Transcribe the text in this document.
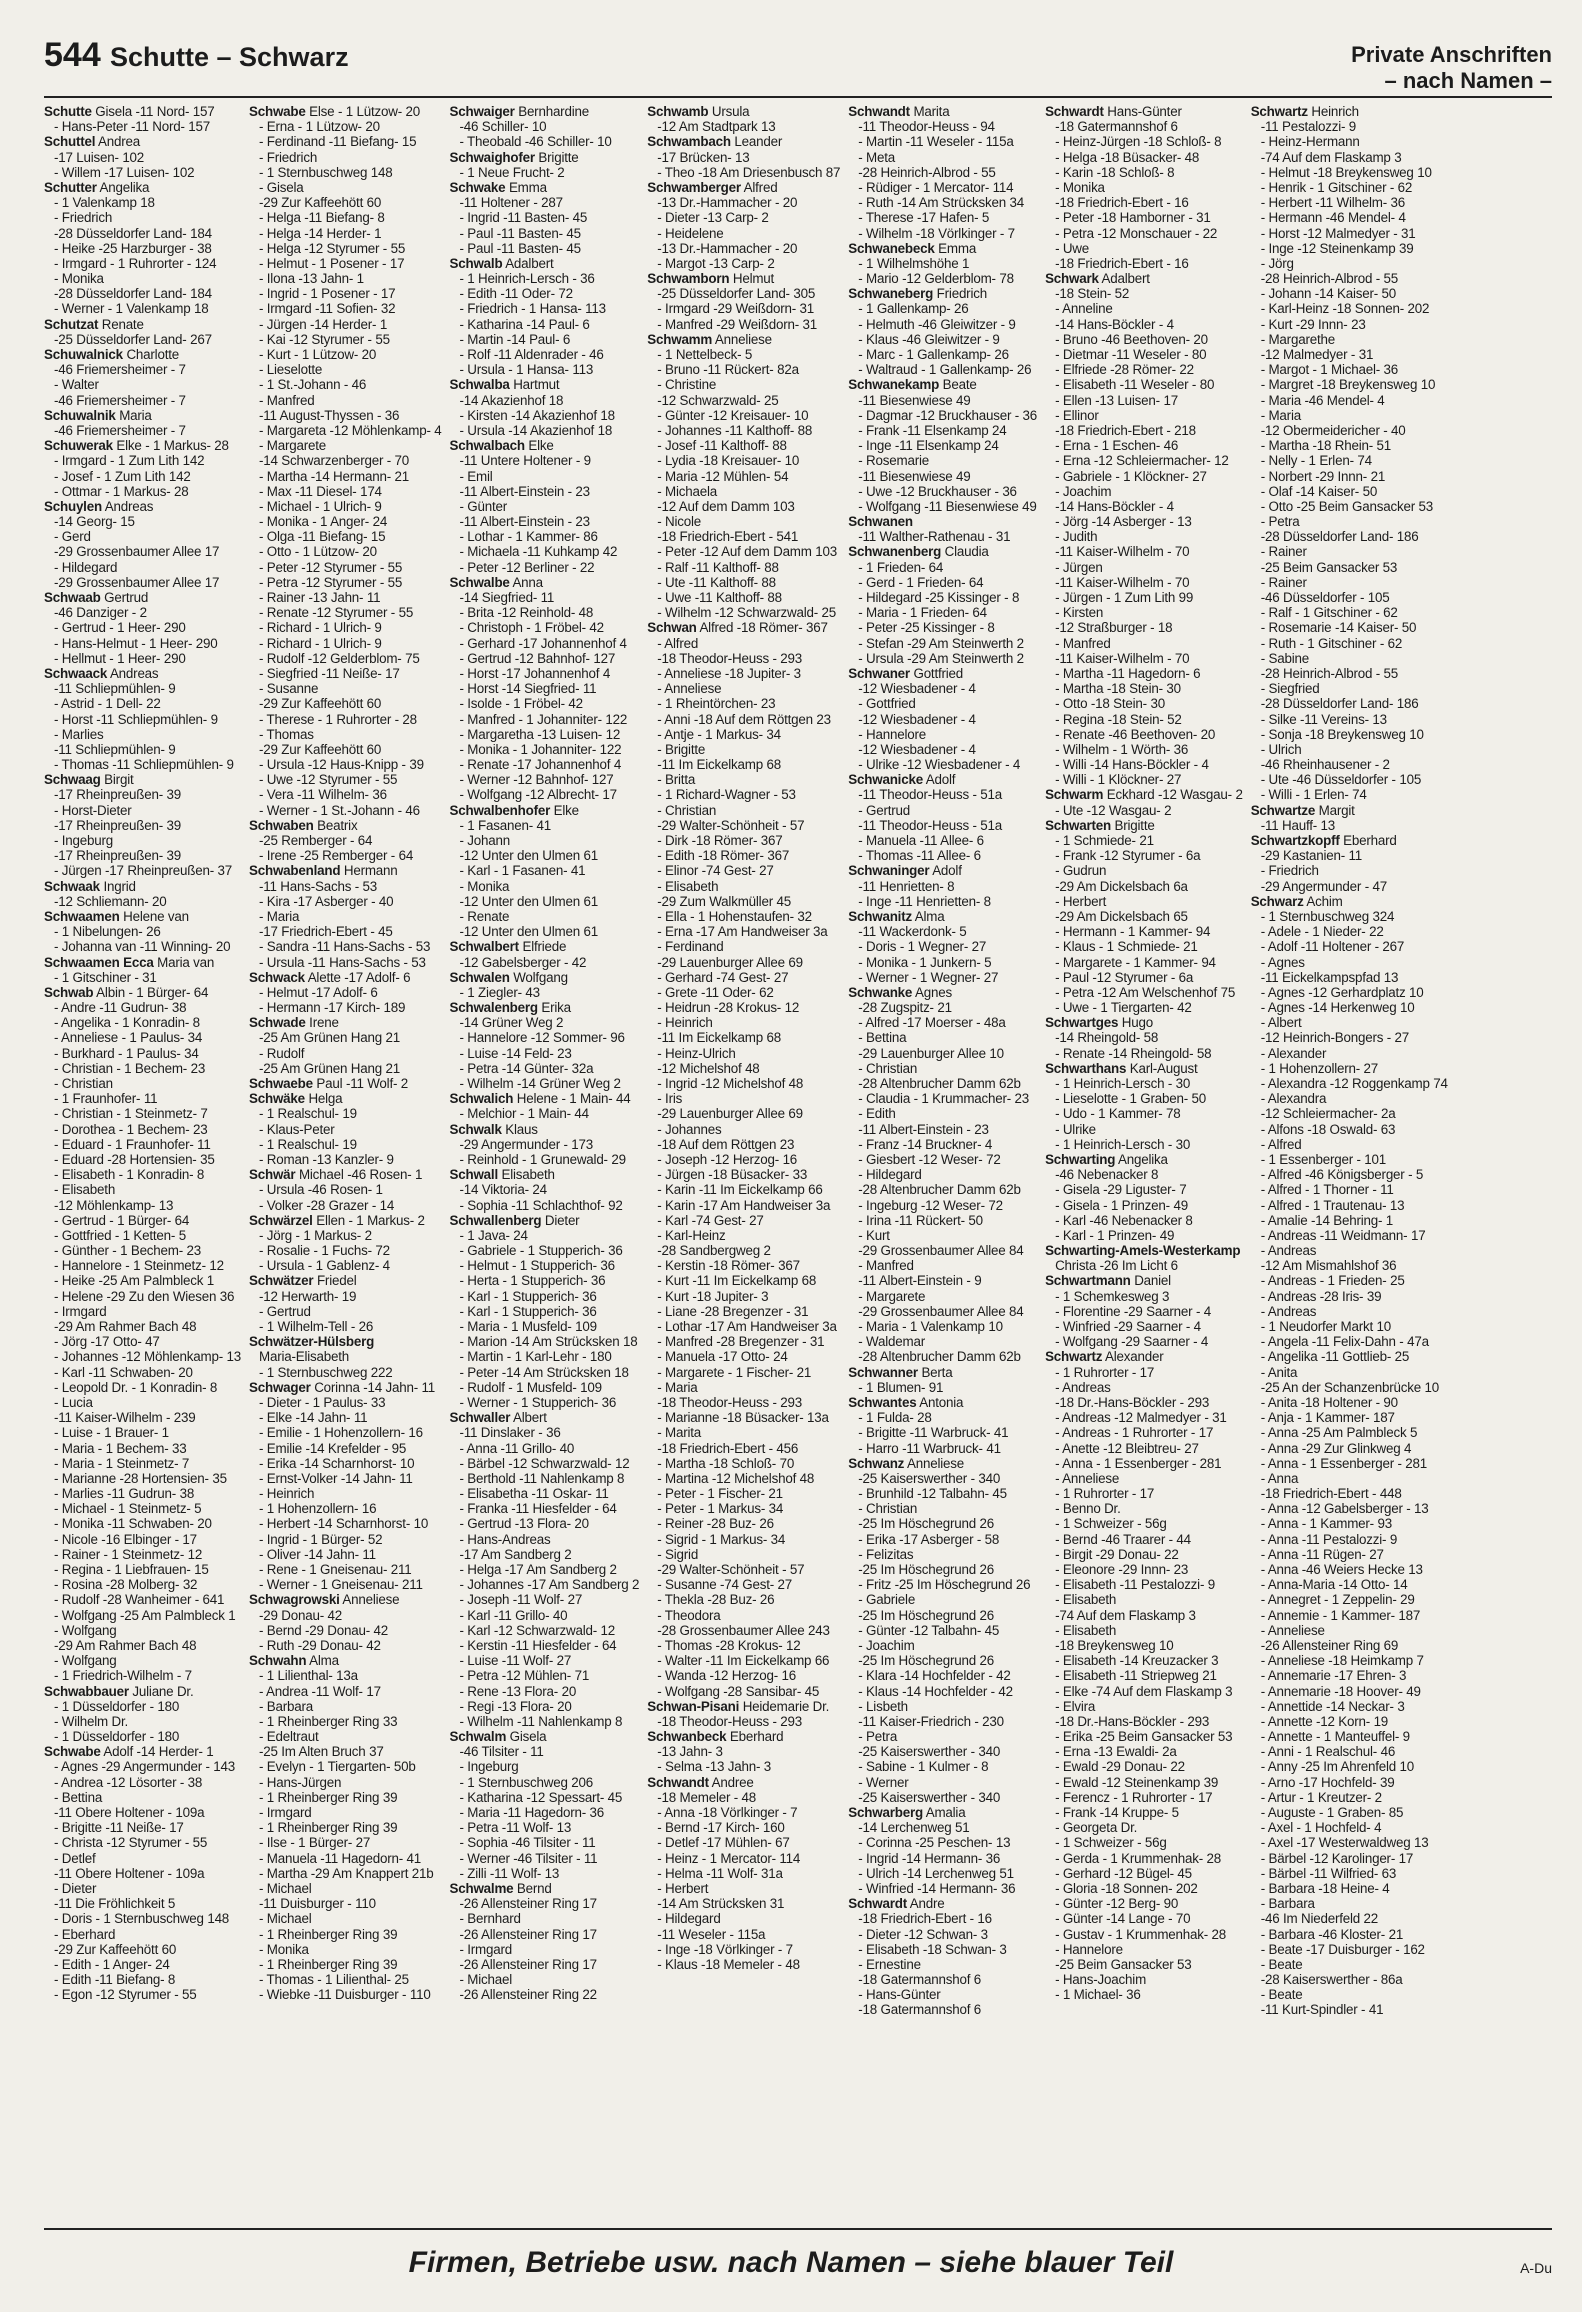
544 Schutte – Schwarz	Private Anschriften
– nach Namen –
Schutte Gisela -11 Nord- 157
- Hans-Peter -11 Nord- 157
Schuttel Andrea
-17 Luisen- 102
- Willem -17 Luisen- 102
Schutter Angelika
- 1 Valenkamp 18
- Friedrich
-28 Düsseldorfer Land- 184
- Heike -25 Harzburger - 38
- Irmgard - 1 Ruhrorter - 124
- Monika
-28 Düsseldorfer Land- 184
- Werner - 1 Valenkamp 18
Schutzat Renate
-25 Düsseldorfer Land- 267
Schuwalnick Charlotte
-46 Friemersheimer - 7
- Walter
-46 Friemersheimer - 7
Schuwalnik Maria
-46 Friemersheimer - 7
Schuwerak Elke - 1 Markus- 28
- Irmgard - 1 Zum Lith 142
- Josef - 1 Zum Lith 142
- Ottmar - 1 Markus- 28
Schuylen Andreas
-14 Georg- 15
- Gerd
-29 Grossenbaumer Allee 17
- Hildegard
-29 Grossenbaumer Allee 17
Schwaab Gertrud
-46 Danziger - 2
- Gertrud - 1 Heer- 290
- Hans-Helmut - 1 Heer- 290
- Hellmut - 1 Heer- 290
Schwaack Andreas
-11 Schliepmühlen- 9
- Astrid - 1 Dell- 22
- Horst -11 Schliepmühlen- 9
- Marlies
-11 Schliepmühlen- 9
- Thomas -11 Schliepmühlen- 9
Schwaag Birgit
-17 Rheinpreußen- 39
- Horst-Dieter
-17 Rheinpreußen- 39
- Ingeburg
-17 Rheinpreußen- 39
- Jürgen -17 Rheinpreußen- 37
Schwaak Ingrid
-12 Schliemann- 20
Schwaamen Helene van
- 1 Nibelungen- 26
- Johanna van -11 Winning- 20
Schwaamen Ecca Maria van
- 1 Gitschiner - 31
Schwab Albin - 1 Bürger- 64
- Andre -11 Gudrun- 38
- Angelika - 1 Konradin- 8
- Anneliese - 1 Paulus- 34
- Burkhard - 1 Paulus- 34
- Christian - 1 Bechem- 23
- Christian
- 1 Fraunhofer- 11
- Christian - 1 Steinmetz- 7
- Dorothea - 1 Bechem- 23
- Eduard - 1 Fraunhofer- 11
- Eduard -28 Hortensien- 35
- Elisabeth - 1 Konradin- 8
- Elisabeth
-12 Möhlenkamp- 13
- Gertrud - 1 Bürger- 64
- Gottfried - 1 Ketten- 5
- Günther - 1 Bechem- 23
- Hannelore - 1 Steinmetz- 12
- Heike -25 Am Palmbleck 1
- Helene -29 Zu den Wiesen 36
- Irmgard
-29 Am Rahmer Bach 48
- Jörg -17 Otto- 47
- Johannes -12 Möhlenkamp- 13
- Karl -11 Schwaben- 20
- Leopold Dr. - 1 Konradin- 8
- Lucia
-11 Kaiser-Wilhelm - 239
- Luise - 1 Brauer- 1
- Maria - 1 Bechem- 33
- Maria - 1 Steinmetz- 7
- Marianne -28 Hortensien- 35
- Marlies -11 Gudrun- 38
- Michael - 1 Steinmetz- 5
- Monika -11 Schwaben- 20
- Nicole -16 Elbinger - 17
- Rainer - 1 Steinmetz- 12
- Regina - 1 Liebfrauen- 15
- Rosina -28 Molberg- 32
- Rudolf -28 Wanheimer - 641
- Wolfgang -25 Am Palmbleck 1
- Wolfgang
-29 Am Rahmer Bach 48
- Wolfgang
- 1 Friedrich-Wilhelm - 7
Schwabbauer Juliane Dr.
- 1 Düsseldorfer - 180
- Wilhelm Dr.
- 1 Düsseldorfer - 180
Schwabe Adolf -14 Herder- 1
- Agnes -29 Angermunder - 143
- Andrea -12 Lösorter - 38
- Bettina
-11 Obere Holtener - 109a
- Brigitte -11 Neiße- 17
- Christa -12 Styrumer - 55
- Detlef
-11 Obere Holtener - 109a
- Dieter
-11 Die Fröhlichkeit 5
- Doris - 1 Sternbuschweg 148
- Eberhard
-29 Zur Kaffeehött 60
- Edith - 1 Anger- 24
- Edith -11 Biefang- 8
- Egon -12 Styrumer - 55
Schwabe Else - 1 Lützow- 20
- Erna - 1 Lützow- 20
- Ferdinand -11 Biefang- 15
- Friedrich
- 1 Sternbuschweg 148
- Gisela
-29 Zur Kaffeehött 60
- Helga -11 Biefang- 8
- Helga -14 Herder- 1
- Helga -12 Styrumer - 55
- Helmut - 1 Posener - 17
- Ilona -13 Jahn- 1
- Ingrid - 1 Posener - 17
- Irmgard -11 Sofien- 32
- Jürgen -14 Herder- 1
- Kai -12 Styrumer - 55
- Kurt - 1 Lützow- 20
- Lieselotte
- 1 St.-Johann - 46
- Manfred
-11 August-Thyssen - 36
- Margareta -12 Möhlenkamp- 4
- Margarete
-14 Schwarzenberger - 70
- Martha -14 Hermann- 21
- Max -11 Diesel- 174
- Michael - 1 Ulrich- 9
- Monika - 1 Anger- 24
- Olga -11 Biefang- 15
- Otto - 1 Lützow- 20
- Peter -12 Styrumer - 55
- Petra -12 Styrumer - 55
- Rainer -13 Jahn- 11
- Renate -12 Styrumer - 55
- Richard - 1 Ulrich- 9
- Richard - 1 Ulrich- 9
- Rudolf -12 Gelderblom- 75
- Siegfried -11 Neiße- 17
- Susanne
-29 Zur Kaffeehött 60
- Therese - 1 Ruhrorter - 28
- Thomas
-29 Zur Kaffeehött 60
- Ursula -12 Haus-Knipp - 39
- Uwe -12 Styrumer - 55
- Vera -11 Wilhelm- 36
- Werner - 1 St.-Johann - 46
Schwaben Beatrix
-25 Remberger - 64
- Irene -25 Remberger - 64
Schwabenland Hermann
-11 Hans-Sachs - 53
- Kira -17 Asberger - 40
- Maria
-17 Friedrich-Ebert - 45
- Sandra -11 Hans-Sachs - 53
- Ursula -11 Hans-Sachs - 53
Schwack Alette -17 Adolf- 6
- Helmut -17 Adolf- 6
- Hermann -17 Kirch- 189
Schwade Irene
-25 Am Grünen Hang 21
- Rudolf
-25 Am Grünen Hang 21
Schwaebe Paul -11 Wolf- 2
Schwäke Helga
- 1 Realschul- 19
- Klaus-Peter
- 1 Realschul- 19
- Roman -13 Kanzler- 9
Schwär Michael -46 Rosen- 1
- Ursula -46 Rosen- 1
- Volker -28 Grazer - 14
Schwärzel Ellen - 1 Markus- 2
- Jörg - 1 Markus- 2
- Rosalie - 1 Fuchs- 72
- Ursula - 1 Gablenz- 4
Schwätzer Friedel
-12 Herwarth- 19
- Gertrud
- 1 Wilhelm-Tell - 26
Schwätzer-Hülsberg
Maria-Elisabeth
- 1 Sternbuschweg 222
Schwager Corinna -14 Jahn- 11
- Dieter - 1 Paulus- 33
- Elke -14 Jahn- 11
- Emilie - 1 Hohenzollern- 16
- Emilie -14 Krefelder - 95
- Erika -14 Scharnhorst- 10
- Ernst-Volker -14 Jahn- 11
- Heinrich
- 1 Hohenzollern- 16
- Herbert -14 Scharnhorst- 10
- Ingrid - 1 Bürger- 52
- Oliver -14 Jahn- 11
- Rene - 1 Gneisenau- 211
- Werner - 1 Gneisenau- 211
Schwagrowski Anneliese
-29 Donau- 42
- Bernd -29 Donau- 42
- Ruth -29 Donau- 42
Schwahn Alma
- 1 Lilienthal- 13a
- Andrea -11 Wolf- 17
- Barbara
- 1 Rheinberger Ring 33
- Edeltraut
-25 Im Alten Bruch 37
- Evelyn - 1 Tiergarten- 50b
- Hans-Jürgen
- 1 Rheinberger Ring 39
- Irmgard
- 1 Rheinberger Ring 39
- Ilse - 1 Bürger- 27
- Manuela -11 Hagedorn- 41
- Martha -29 Am Knappert 21b
- Michael
-11 Duisburger - 110
- Michael
- 1 Rheinberger Ring 39
- Monika
- 1 Rheinberger Ring 39
- Thomas - 1 Lilienthal- 25
- Wiebke -11 Duisburger - 110
Schwaiger Bernhardine
-46 Schiller- 10
- Theobald -46 Schiller- 10
Schwaighofer Brigitte
- 1 Neue Frucht- 2
Schwake Emma
-11 Holtener - 287
- Ingrid -11 Basten- 45
- Paul -11 Basten- 45
- Paul -11 Basten- 45
Schwalb Adalbert
- 1 Heinrich-Lersch - 36
- Edith -11 Oder- 72
- Friedrich - 1 Hansa- 113
- Katharina -14 Paul- 6
- Martin -14 Paul- 6
- Rolf -11 Aldenrader - 46
- Ursula - 1 Hansa- 113
Schwalba Hartmut
-14 Akazienhof 18
- Kirsten -14 Akazienhof 18
- Ursula -14 Akazienhof 18
Schwalbach Elke
-11 Untere Holtener - 9
- Emil
-11 Albert-Einstein - 23
- Günter
-11 Albert-Einstein - 23
- Lothar - 1 Kammer- 86
- Michaela -11 Kuhkamp 42
- Peter -12 Berliner - 22
Schwalbe Anna
-14 Siegfried- 11
- Brita -12 Reinhold- 48
- Christoph - 1 Fröbel- 42
- Gerhard -17 Johannenhof 4
- Gertrud -12 Bahnhof- 127
- Horst -17 Johannenhof 4
- Horst -14 Siegfried- 11
- Isolde - 1 Fröbel- 42
- Manfred - 1 Johanniter- 122
- Margaretha -13 Luisen- 12
- Monika - 1 Johanniter- 122
- Renate -17 Johannenhof 4
- Werner -12 Bahnhof- 127
- Wolfgang -12 Albrecht- 17
Schwalbenhofer Elke
- 1 Fasanen- 41
- Johann
-12 Unter den Ulmen 61
- Karl - 1 Fasanen- 41
- Monika
-12 Unter den Ulmen 61
- Renate
-12 Unter den Ulmen 61
Schwalbert Elfriede
-12 Gabelsberger - 42
Schwalen Wolfgang
- 1 Ziegler- 43
Schwalenberg Erika
-14 Grüner Weg 2
- Hannelore -12 Sommer- 96
- Luise -14 Feld- 23
- Petra -14 Günter- 32a
- Wilhelm -14 Grüner Weg 2
Schwalich Helene - 1 Main- 44
- Melchior - 1 Main- 44
Schwalk Klaus
-29 Angermunder - 173
- Reinhold - 1 Grunewald- 29
Schwall Elisabeth
-14 Viktoria- 24
- Sophia -11 Schlachthof- 92
Schwallenberg Dieter
- 1 Java- 24
- Gabriele - 1 Stupperich- 36
- Helmut - 1 Stupperich- 36
- Herta - 1 Stupperich- 36
- Karl - 1 Stupperich- 36
- Karl - 1 Stupperich- 36
- Maria - 1 Musfeld- 109
- Marion -14 Am Strücksken 18
- Martin - 1 Karl-Lehr - 180
- Peter -14 Am Strücksken 18
- Rudolf - 1 Musfeld- 109
- Werner - 1 Stupperich- 36
Schwaller Albert
-11 Dinslaker - 36
- Anna -11 Grillo- 40
- Bärbel -12 Schwarzwald- 12
- Berthold -11 Nahlenkamp 8
- Elisabetha -11 Oskar- 11
- Franka -11 Hiesfelder - 64
- Gertrud -13 Flora- 20
- Hans-Andreas
-17 Am Sandberg 2
- Helga -17 Am Sandberg 2
- Johannes -17 Am Sandberg 2
- Joseph -11 Wolf- 27
- Karl -11 Grillo- 40
- Karl -12 Schwarzwald- 12
- Kerstin -11 Hiesfelder - 64
- Luise -11 Wolf- 27
- Petra -12 Mühlen- 71
- Rene -13 Flora- 20
- Regi -13 Flora- 20
- Wilhelm -11 Nahlenkamp 8
Schwalm Gisela
-46 Tilsiter - 11
- Ingeburg
- 1 Sternbuschweg 206
- Katharina -12 Spessart- 45
- Maria -11 Hagedorn- 36
- Petra -11 Wolf- 13
- Sophia -46 Tilsiter - 11
- Werner -46 Tilsiter - 11
- Zilli -11 Wolf- 13
Schwalme Bernd
-26 Allensteiner Ring 17
- Bernhard
-26 Allensteiner Ring 17
- Irmgard
-26 Allensteiner Ring 17
- Michael
-26 Allensteiner Ring 22
Schwamb Ursula
-12 Am Stadtpark 13
Schwambach Leander
-17 Brücken- 13
- Theo -18 Am Driesenbusch 87
Schwamberger Alfred
-13 Dr.-Hammacher - 20
- Dieter -13 Carp- 2
- Heidelene
-13 Dr.-Hammacher - 20
- Margot -13 Carp- 2
Schwamborn Helmut
-25 Düsseldorfer Land- 305
- Irmgard -29 Weißdorn- 31
- Manfred -29 Weißdorn- 31
Schwamm Anneliese
- 1 Nettelbeck- 5
- Bruno -11 Rückert- 82a
- Christine
-12 Schwarzwald- 25
- Günter -12 Kreisauer- 10
- Johannes -11 Kalthoff- 88
- Josef -11 Kalthoff- 88
- Lydia -18 Kreisauer- 10
- Maria -12 Mühlen- 54
- Michaela
-12 Auf dem Damm 103
- Nicole
-18 Friedrich-Ebert - 541
- Peter -12 Auf dem Damm 103
- Ralf -11 Kalthoff- 88
- Ute -11 Kalthoff- 88
- Uwe -11 Kalthoff- 88
- Wilhelm -12 Schwarzwald- 25
Schwan Alfred -18 Römer- 367
- Alfred
-18 Theodor-Heuss - 293
- Anneliese -18 Jupiter- 3
- Anneliese
- 1 Rheintörchen- 23
- Anni -18 Auf dem Röttgen 23
- Antje - 1 Markus- 34
- Brigitte
-11 Im Eickelkamp 68
- Britta
- 1 Richard-Wagner - 53
- Christian
-29 Walter-Schönheit - 57
- Dirk -18 Römer- 367
- Edith -18 Römer- 367
- Elinor -74 Gest- 27
- Elisabeth
-29 Zum Walkmüller 45
- Ella - 1 Hohenstaufen- 32
- Erna -17 Am Handweiser 3a
- Ferdinand
-29 Lauenburger Allee 69
- Gerhard -74 Gest- 27
- Grete -11 Oder- 62
- Heidrun -28 Krokus- 12
- Heinrich
-11 Im Eickelkamp 68
- Heinz-Ulrich
-12 Michelshof 48
- Ingrid -12 Michelshof 48
- Iris
-29 Lauenburger Allee 69
- Johannes
-18 Auf dem Röttgen 23
- Joseph -12 Herzog- 16
- Jürgen -18 Büsacker- 33
- Karin -11 Im Eickelkamp 66
- Karin -17 Am Handweiser 3a
- Karl -74 Gest- 27
- Karl-Heinz
-28 Sandbergweg 2
- Kerstin -18 Römer- 367
- Kurt -11 Im Eickelkamp 68
- Kurt -18 Jupiter- 3
- Liane -28 Bregenzer - 31
- Lothar -17 Am Handweiser 3a
- Manfred -28 Bregenzer - 31
- Manuela -17 Otto- 24
- Margarete - 1 Fischer- 21
- Maria
-18 Theodor-Heuss - 293
- Marianne -18 Büsacker- 13a
- Marita
-18 Friedrich-Ebert - 456
- Martha -18 Schloß- 70
- Martina -12 Michelshof 48
- Peter - 1 Fischer- 21
- Peter - 1 Markus- 34
- Reiner -28 Buz- 26
- Sigrid - 1 Markus- 34
- Sigrid
-29 Walter-Schönheit - 57
- Susanne -74 Gest- 27
- Thekla -28 Buz- 26
- Theodora
-28 Grossenbaumer Allee 243
- Thomas -28 Krokus- 12
- Walter -11 Im Eickelkamp 66
- Wanda -12 Herzog- 16
- Wolfgang -28 Sansibar- 45
Schwan-Pisani Heidemarie Dr.
-18 Theodor-Heuss - 293
Schwanbeck Eberhard
-13 Jahn- 3
- Selma -13 Jahn- 3
Schwandt Andree
-18 Memeler - 48
- Anna -18 Vörlkinger - 7
- Bernd -17 Kirch- 160
- Detlef -17 Mühlen- 67
- Heinz - 1 Mercator- 114
- Helma -11 Wolf- 31a
- Herbert
-14 Am Strücksken 31
- Hildegard
-11 Weseler - 115a
- Inge -18 Vörlkinger - 7
- Klaus -18 Memeler - 48
Schwandt Marita
-11 Theodor-Heuss - 94
- Martin -11 Weseler - 115a
- Meta
-28 Heinrich-Albrod - 55
- Rüdiger - 1 Mercator- 114
- Ruth -14 Am Strücksken 34
- Therese -17 Hafen- 5
- Wilhelm -18 Vörlkinger - 7
Schwanebeck Emma
- 1 Wilhelmshöhe 1
- Mario -12 Gelderblom- 78
Schwaneberg Friedrich
- 1 Gallenkamp- 26
- Helmuth -46 Gleiwitzer - 9
- Klaus -46 Gleiwitzer - 9
- Marc - 1 Gallenkamp- 26
- Waltraud - 1 Gallenkamp- 26
Schwanekamp Beate
-11 Biesenwiese 49
- Dagmar -12 Bruckhauser - 36
- Frank -11 Elsenkamp 24
- Inge -11 Elsenkamp 24
- Rosemarie
-11 Biesenwiese 49
- Uwe -12 Bruckhauser - 36
- Wolfgang -11 Biesenwiese 49
Schwanen
-11 Walther-Rathenau - 31
Schwanenberg Claudia
- 1 Frieden- 64
- Gerd - 1 Frieden- 64
- Hildegard -25 Kissinger - 8
- Maria - 1 Frieden- 64
- Peter -25 Kissinger - 8
- Stefan -29 Am Steinwerth 2
- Ursula -29 Am Steinwerth 2
Schwaner Gottfried
-12 Wiesbadener - 4
- Gottfried
-12 Wiesbadener - 4
- Hannelore
-12 Wiesbadener - 4
- Ulrike -12 Wiesbadener - 4
Schwanicke Adolf
-11 Theodor-Heuss - 51a
- Gertrud
-11 Theodor-Heuss - 51a
- Manuela -11 Allee- 6
- Thomas -11 Allee- 6
Schwaninger Adolf
-11 Henrietten- 8
- Inge -11 Henrietten- 8
Schwanitz Alma
-11 Wackerdonk- 5
- Doris - 1 Wegner- 27
- Monika - 1 Junkern- 5
- Werner - 1 Wegner- 27
Schwanke Agnes
-28 Zugspitz- 21
- Alfred -17 Moerser - 48a
- Bettina
-29 Lauenburger Allee 10
- Christian
-28 Altenbrucher Damm 62b
- Claudia - 1 Krummacher- 23
- Edith
-11 Albert-Einstein - 23
- Franz -14 Bruckner- 4
- Giesbert -12 Weser- 72
- Hildegard
-28 Altenbrucher Damm 62b
- Ingeburg -12 Weser- 72
- Irina -11 Rückert- 50
- Kurt
-29 Grossenbaumer Allee 84
- Manfred
-11 Albert-Einstein - 9
- Margarete
-29 Grossenbaumer Allee 84
- Maria - 1 Valenkamp 10
- Waldemar
-28 Altenbrucher Damm 62b
Schwanner Berta
- 1 Blumen- 91
Schwantes Antonia
- 1 Fulda- 28
- Brigitte -11 Warbruck- 41
- Harro -11 Warbruck- 41
Schwanz Anneliese
-25 Kaiserswerther - 340
- Brunhild -12 Talbahn- 45
- Christian
-25 Im Höschegrund 26
- Erika -17 Asberger - 58
- Felizitas
-25 Im Höschegrund 26
- Fritz -25 Im Höschegrund 26
- Gabriele
-25 Im Höschegrund 26
- Günter -12 Talbahn- 45
- Joachim
-25 Im Höschegrund 26
- Klara -14 Hochfelder - 42
- Klaus -14 Hochfelder - 42
- Lisbeth
-11 Kaiser-Friedrich - 230
- Petra
-25 Kaiserswerther - 340
- Sabine - 1 Kulmer - 8
- Werner
-25 Kaiserswerther - 340
Schwarberg Amalia
-14 Lerchenweg 51
- Corinna -25 Peschen- 13
- Ingrid -14 Hermann- 36
- Ulrich -14 Lerchenweg 51
- Winfried -14 Hermann- 36
Schwardt Andre
-18 Friedrich-Ebert - 16
- Dieter -12 Schwan- 3
- Elisabeth -18 Schwan- 3
- Ernestine
-18 Gatermannshof 6
- Hans-Günter
-18 Gatermannshof 6
Schwardt Hans-Günter
-18 Gatermannshof 6
- Heinz-Jürgen -18 Schloß- 8
- Helga -18 Büsacker- 48
- Karin -18 Schloß- 8
- Monika
-18 Friedrich-Ebert - 16
- Peter -18 Hamborner - 31
- Petra -12 Monschauer - 22
- Uwe
-18 Friedrich-Ebert - 16
Schwark Adalbert
-18 Stein- 52
- Anneline
-14 Hans-Böckler - 4
- Bruno -46 Beethoven- 20
- Dietmar -11 Weseler - 80
- Elfriede -28 Römer- 22
- Elisabeth -11 Weseler - 80
- Ellen -13 Luisen- 17
- Ellinor
-18 Friedrich-Ebert - 218
- Erna - 1 Eschen- 46
- Erna -12 Schleiermacher- 12
- Gabriele - 1 Klöckner- 27
- Joachim
-14 Hans-Böckler - 4
- Jörg -14 Asberger - 13
- Judith
-11 Kaiser-Wilhelm - 70
- Jürgen
-11 Kaiser-Wilhelm - 70
- Jürgen - 1 Zum Lith 99
- Kirsten
-12 Straßburger - 18
- Manfred
-11 Kaiser-Wilhelm - 70
- Martha -11 Hagedorn- 6
- Martha -18 Stein- 30
- Otto -18 Stein- 30
- Regina -18 Stein- 52
- Renate -46 Beethoven- 20
- Wilhelm - 1 Wörth- 36
- Willi -14 Hans-Böckler - 4
- Willi - 1 Klöckner- 27
Schwarm Eckhard -12 Wasgau- 2
- Ute -12 Wasgau- 2
Schwarten Brigitte
- 1 Schmiede- 21
- Frank -12 Styrumer - 6a
- Gudrun
-29 Am Dickelsbach 6a
- Herbert
-29 Am Dickelsbach 65
- Hermann - 1 Kammer- 94
- Klaus - 1 Schmiede- 21
- Margarete - 1 Kammer- 94
- Paul -12 Styrumer - 6a
- Petra -12 Am Welschenhof 75
- Uwe - 1 Tiergarten- 42
Schwartges Hugo
-14 Rheingold- 58
- Renate -14 Rheingold- 58
Schwarthans Karl-August
- 1 Heinrich-Lersch - 30
- Lieselotte - 1 Graben- 50
- Udo - 1 Kammer- 78
- Ulrike
- 1 Heinrich-Lersch - 30
Schwarting Angelika
-46 Nebenacker 8
- Gisela -29 Liguster- 7
- Gisela - 1 Prinzen- 49
- Karl -46 Nebenacker 8
- Karl - 1 Prinzen- 49
Schwarting-Amels-Westerkamp
Christa -26 Im Licht 6
Schwartmann Daniel
- 1 Schemkesweg 3
- Florentine -29 Saarner - 4
- Winfried -29 Saarner - 4
- Wolfgang -29 Saarner - 4
Schwartz Alexander
- 1 Ruhrorter - 17
- Andreas
-18 Dr.-Hans-Böckler - 293
- Andreas -12 Malmedyer - 31
- Andreas - 1 Ruhrorter - 17
- Anette -12 Bleibtreu- 27
- Anna - 1 Essenberger - 281
- Anneliese
- 1 Ruhrorter - 17
- Benno Dr.
- 1 Schweizer - 56g
- Bernd -46 Traarer - 44
- Birgit -29 Donau- 22
- Eleonore -29 Innn- 23
- Elisabeth -11 Pestalozzi- 9
- Elisabeth
-74 Auf dem Flaskamp 3
- Elisabeth
-18 Breykensweg 10
- Elisabeth -14 Kreuzacker 3
- Elisabeth -11 Striepweg 21
- Elke -74 Auf dem Flaskamp 3
- Elvira
-18 Dr.-Hans-Böckler - 293
- Erika -25 Beim Gansacker 53
- Erna -13 Ewaldi- 2a
- Ewald -29 Donau- 22
- Ewald -12 Steinenkamp 39
- Ferencz - 1 Ruhrorter - 17
- Frank -14 Kruppe- 5
- Georgeta Dr.
- 1 Schweizer - 56g
- Gerda - 1 Krummenhak- 28
- Gerhard -12 Bügel- 45
- Gloria -18 Sonnen- 202
- Günter -12 Berg- 90
- Günter -14 Lange - 70
- Gustav - 1 Krummenhak- 28
- Hannelore
-25 Beim Gansacker 53
- Hans-Joachim
- 1 Michael- 36
Schwartz Heinrich
-11 Pestalozzi- 9
- Heinz-Hermann
-74 Auf dem Flaskamp 3
- Helmut -18 Breykensweg 10
- Henrik - 1 Gitschiner - 62
- Herbert -11 Wilhelm- 36
- Hermann -46 Mendel- 4
- Horst -12 Malmedyer - 31
- Inge -12 Steinenkamp 39
- Jörg
-28 Heinrich-Albrod - 55
- Johann -14 Kaiser- 50
- Karl-Heinz -18 Sonnen- 202
- Kurt -29 Innn- 23
- Margarethe
-12 Malmedyer - 31
- Margot - 1 Michael- 36
- Margret -18 Breykensweg 10
- Maria -46 Mendel- 4
- Maria
-12 Obermeidericher - 40
- Martha -18 Rhein- 51
- Nelly - 1 Erlen- 74
- Norbert -29 Innn- 21
- Olaf -14 Kaiser- 50
- Otto -25 Beim Gansacker 53
- Petra
-28 Düsseldorfer Land- 186
- Rainer
-25 Beim Gansacker 53
- Rainer
-46 Düsseldorfer - 105
- Ralf - 1 Gitschiner - 62
- Rosemarie -14 Kaiser- 50
- Ruth - 1 Gitschiner - 62
- Sabine
-28 Heinrich-Albrod - 55
- Siegfried
-28 Düsseldorfer Land- 186
- Silke -11 Vereins- 13
- Sonja -18 Breykensweg 10
- Ulrich
-46 Rheinhausener - 2
- Ute -46 Düsseldorfer - 105
- Willi - 1 Erlen- 74
Schwartze Margit
-11 Hauff- 13
Schwartzkopff Eberhard
-29 Kastanien- 11
- Friedrich
-29 Angermunder - 47
Schwarz Achim
- 1 Sternbuschweg 324
- Adele - 1 Nieder- 22
- Adolf -11 Holtener - 267
- Agnes
-11 Eickelkampspfad 13
- Agnes -12 Gerhardplatz 10
- Agnes -14 Herkenweg 10
- Albert
-12 Heinrich-Bongers - 27
- Alexander
- 1 Hohenzollern- 27
- Alexandra -12 Roggenkamp 74
- Alexandra
-12 Schleiermacher- 2a
- Alfons -18 Oswald- 63
- Alfred
- 1 Essenberger - 101
- Alfred -46 Königsberger - 5
- Alfred - 1 Thorner - 11
- Alfred - 1 Trautenau- 13
- Amalie -14 Behring- 1
- Andreas -11 Weidmann- 17
- Andreas
-12 Am Mismahlshof 36
- Andreas - 1 Frieden- 25
- Andreas -28 Iris- 39
- Andreas
- 1 Neudorfer Markt 10
- Angela -11 Felix-Dahn - 47a
- Angelika -11 Gottlieb- 25
- Anita
-25 An der Schanzenbrücke 10
- Anita -18 Holtener - 90
- Anja - 1 Kammer- 187
- Anna -25 Am Palmbleck 5
- Anna -29 Zur Glinkweg 4
- Anna - 1 Essenberger - 281
- Anna
-18 Friedrich-Ebert - 448
- Anna -12 Gabelsberger - 13
- Anna - 1 Kammer- 93
- Anna -11 Pestalozzi- 9
- Anna -11 Rügen- 27
- Anna -46 Weiers Hecke 13
- Anna-Maria -14 Otto- 14
- Annegret - 1 Zeppelin- 29
- Annemie - 1 Kammer- 187
- Anneliese
-26 Allensteiner Ring 69
- Anneliese -18 Heimkamp 7
- Annemarie -17 Ehren- 3
- Annemarie -18 Hoover- 49
- Annettide -14 Neckar- 3
- Annette -12 Korn- 19
- Annette - 1 Manteuffel- 9
- Anni - 1 Realschul- 46
- Anny -25 Im Ahrenfeld 10
- Arno -17 Hochfeld- 39
- Artur - 1 Kreutzer- 2
- Auguste - 1 Graben- 85
- Axel - 1 Hochfeld- 4
- Axel -17 Westerwaldweg 13
- Bärbel -12 Karolinger- 17
- Bärbel -11 Wilfried- 63
- Barbara -18 Heine- 4
- Barbara
-46 Im Niederfeld 22
- Barbara -46 Kloster- 21
- Beate -17 Duisburger - 162
- Beate
-28 Kaiserswerther - 86a
- Beate
-11 Kurt-Spindler - 41
Firmen, Betriebe usw. nach Namen – siehe blauer Teil	A-Du
